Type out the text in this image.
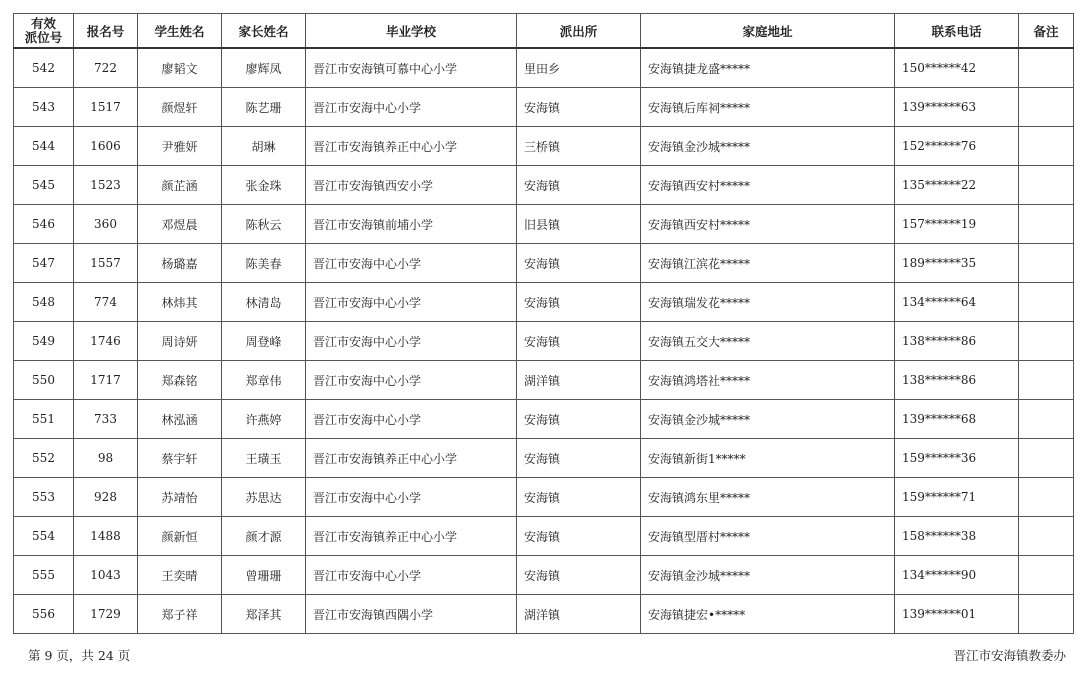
有效
派位号	报名号	学生姓名	家长姓名	毕业学校	派出所	家庭地址	联系电话	备注
542	722	廖韬文	廖辉凤	晋江市安海镇可慕中心小学	里田乡	安海镇捷龙盛*****	150******42	
543	1517	颜煜轩	陈艺珊	晋江市安海中心小学	安海镇	安海镇后库祠*****	139******63	
544	1606	尹雅妍	胡琳	晋江市安海镇养正中心小学	三桥镇	安海镇金沙城*****	152******76	
545	1523	颜芷涵	张金珠	晋江市安海镇西安小学	安海镇	安海镇西安村*****	135******22	
546	360	邓煜晨	陈秋云	晋江市安海镇前埔小学	旧县镇	安海镇西安村*****	157******19	
547	1557	杨璐嘉	陈美春	晋江市安海中心小学	安海镇	安海镇江滨花*****	189******35	
548	774	林炜其	林清岛	晋江市安海中心小学	安海镇	安海镇瑞发花*****	134******64	
549	1746	周诗妍	周登峰	晋江市安海中心小学	安海镇	安海镇五交大*****	138******86	
550	1717	郑森铭	郑章伟	晋江市安海中心小学	湖洋镇	安海镇鸿塔社*****	138******86	
551	733	林泓涵	许燕婷	晋江市安海中心小学	安海镇	安海镇金沙城*****	139******68	
552	98	蔡宇轩	王璜玉	晋江市安海镇养正中心小学	安海镇	安海镇新街1*****	159******36	
553	928	苏靖怡	苏思达	晋江市安海中心小学	安海镇	安海镇鸿东里*****	159******71	
554	1488	颜新恒	颜才源	晋江市安海镇养正中心小学	安海镇	安海镇型厝村*****	158******38	
555	1043	王奕晴	曾珊珊	晋江市安海中心小学	安海镇	安海镇金沙城*****	134******90	
556	1729	郑子祥	郑泽其	晋江市安海镇西隅小学	湖洋镇	安海镇捷宏•*****	139******01	
第 9 页，共 24 页	晋江市安海镇教委办
